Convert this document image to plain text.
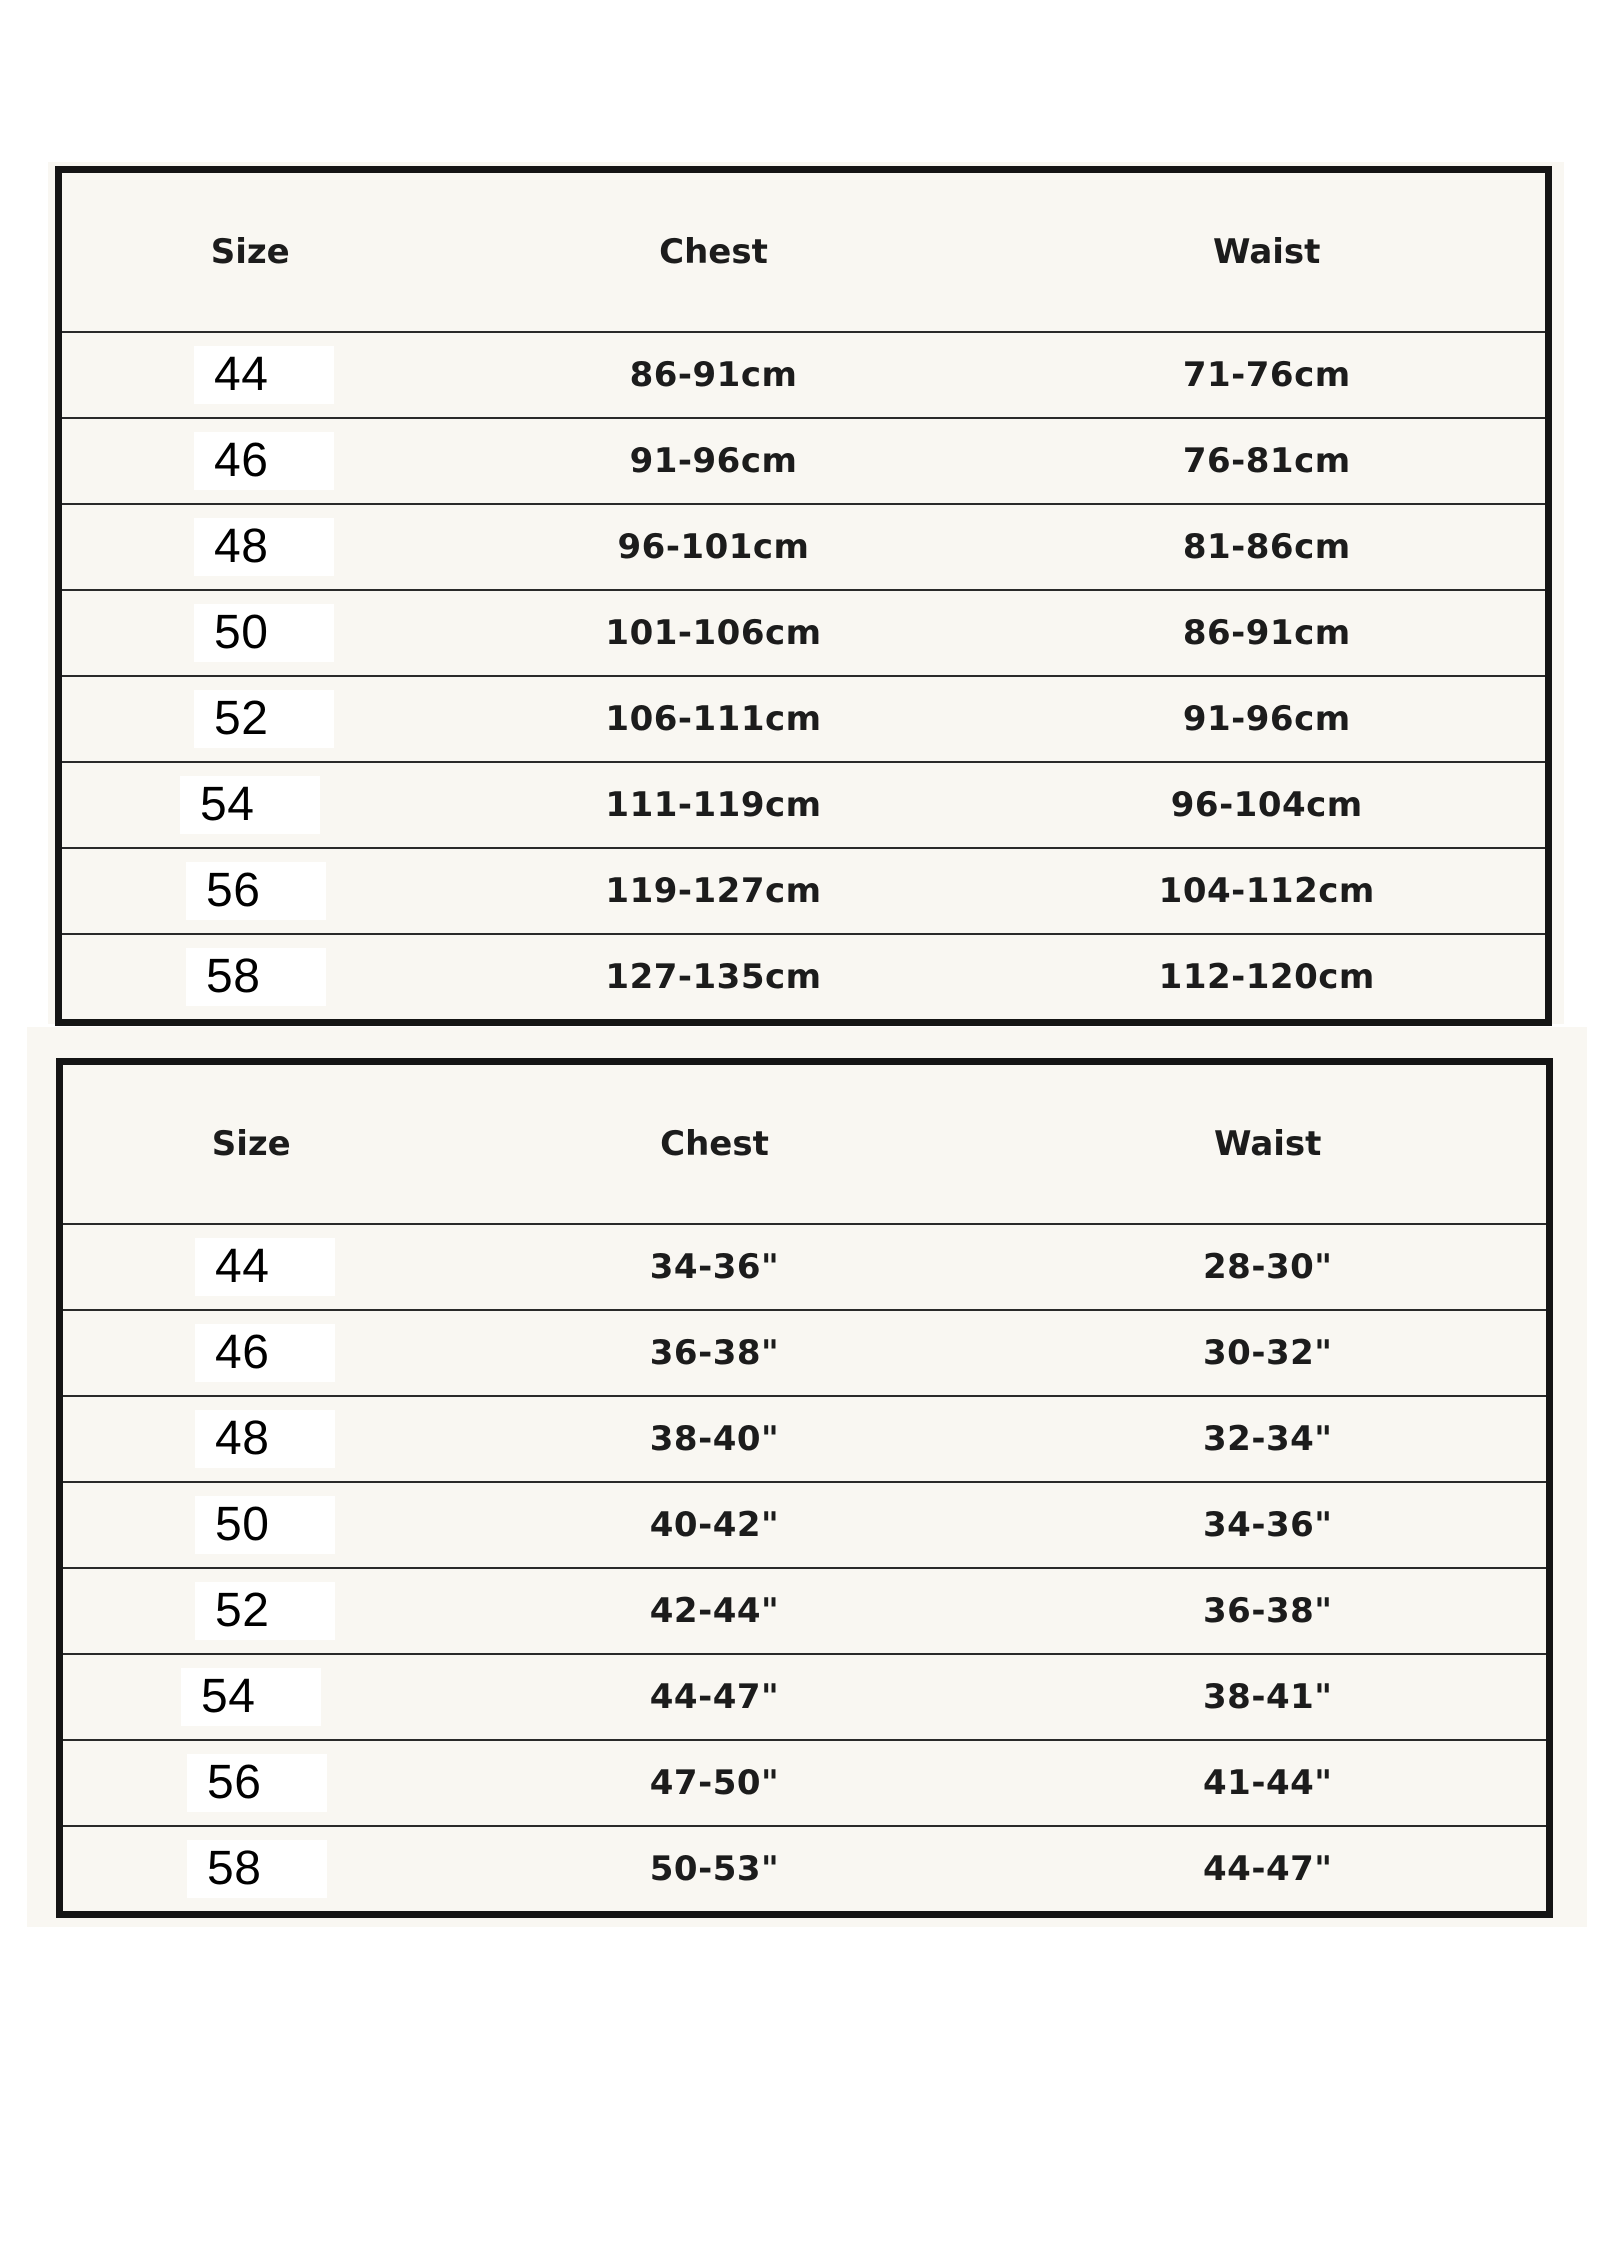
Size	Chest	Waist

44	86-91cm	71-76cm

46	91-96cm	76-81cm

48	96-101cm	81-86cm

50	101-106cm	86-91cm

52	106-111cm	91-96cm

54	111-119cm	96-104cm

56	119-127cm	104-112cm

58	127-135cm	112-120cm
Size	Chest	Waist

44	34-36"	28-30"

46	36-38"	30-32"

48	38-40"	32-34"

50	40-42"	34-36"

52	42-44"	36-38"

54	44-47"	38-41"

56	47-50"	41-44"

58	50-53"	44-47"
